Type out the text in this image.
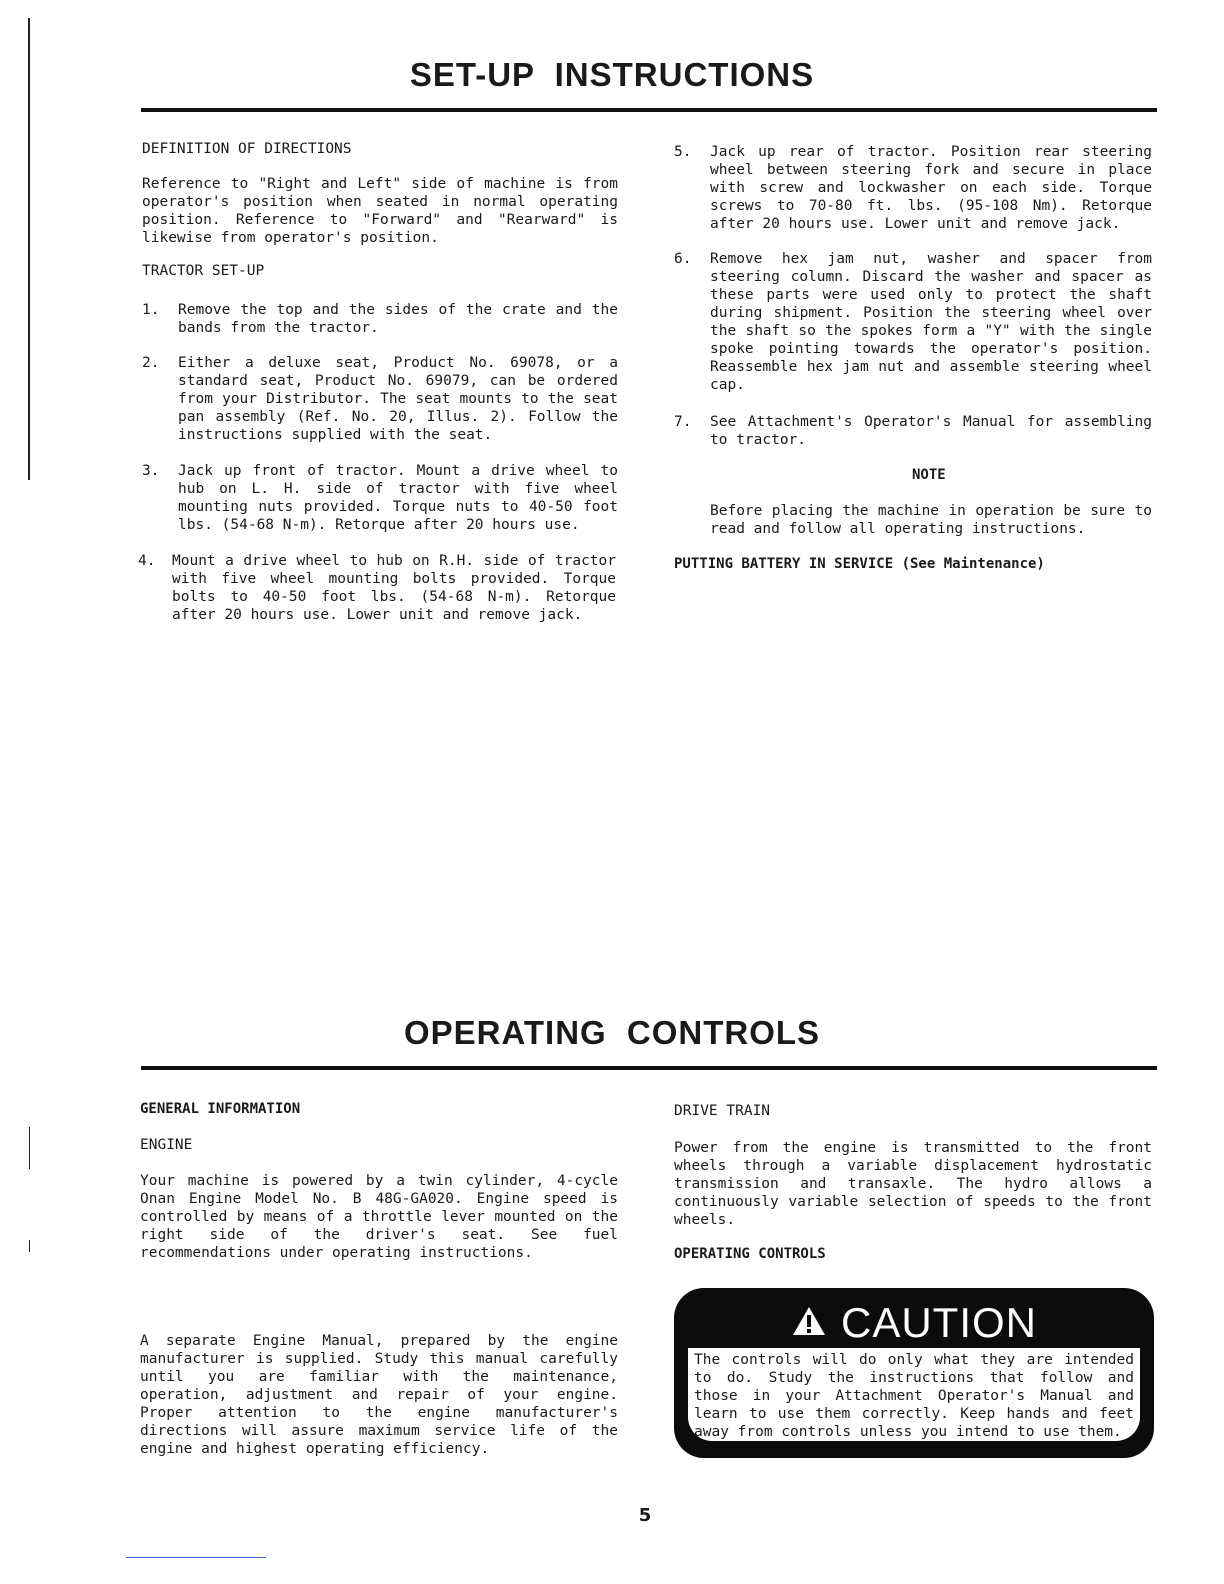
SET-UP INSTRUCTIONS
DEFINITION OF DIRECTIONS

Reference to "Right and Left" side of machine is from operator's position when seated in normal operating position. Reference to "Forward" and "Rearward" is likewise from operator's position.

TRACTOR SET-UP
1. Remove the top and the sides of the crate and the bands from the tractor.

2. Either a deluxe seat, Product No. 69078, or a standard seat, Product No. 69079, can be ordered from your Distributor. The seat mounts to the seat pan assembly (Ref. No. 20, Illus. 2). Follow the instructions supplied with the seat.

3. Jack up front of tractor. Mount a drive wheel to hub on L. H. side of tractor with five wheel mounting nuts provided. Torque nuts to 40-50 foot lbs. (54-68 N-m). Retorque after 20 hours use.

4. Mount a drive wheel to hub on R.H. side of tractor with five wheel mounting bolts provided. Torque bolts to 40-50 foot lbs. (54-68 N-m). Retorque after 20 hours use. Lower unit and remove jack.

5. Jack up rear of tractor. Position rear steering wheel between steering fork and secure in place with screw and lockwasher on each side. Torque screws to 70-80 ft. lbs. (95-108 Nm). Retorque after 20 hours use. Lower unit and remove jack.

6. Remove hex jam nut, washer and spacer from steering column. Discard the washer and spacer as these parts were used only to protect the shaft during shipment. Position the steering wheel over the shaft so the spokes form a "Y" with the single spoke pointing towards the operator's position. Reassemble hex jam nut and assemble steering wheel cap.

7. See Attachment's Operator's Manual for assembling to tractor.

NOTE

Before placing the machine in operation be sure to read and follow all operating instructions.

PUTTING BATTERY IN SERVICE (See Maintenance)
OPERATING CONTROLS
GENERAL INFORMATION
ENGINE

Your machine is powered by a twin cylinder, 4-cycle Onan Engine Model No. B 48G-GA020. Engine speed is controlled by means of a throttle lever mounted on the right side of the driver's seat. See fuel recommendations under operating instructions.

A separate Engine Manual, prepared by the engine manufacturer is supplied. Study this manual carefully until you are familiar with the maintenance, operation, adjustment and repair of your engine. Proper attention to the engine manufacturer's directions will assure maximum service life of the engine and highest operating efficiency.

DRIVE TRAIN

Power from the engine is transmitted to the front wheels through a variable displacement hydrostatic transmission and transaxle. The hydro allows a continuously variable selection of speeds to the front wheels.

OPERATING CONTROLS
CAUTION

The controls will do only what they are intended to do. Study the instructions that follow and those in your Attachment Operator's Manual and learn to use them correctly. Keep hands and feet away from controls unless you intend to use them.

5
